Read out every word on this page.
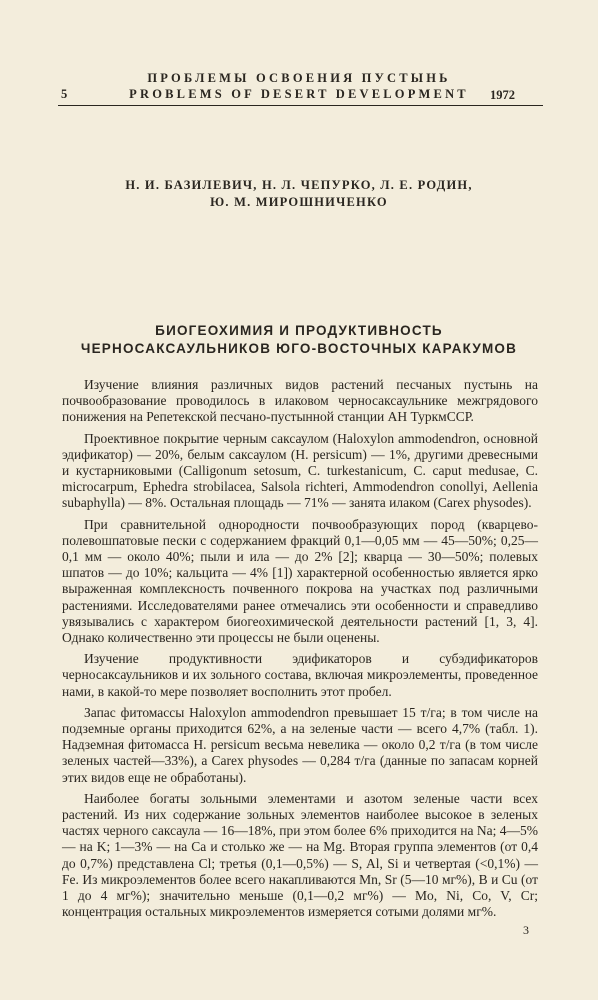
ПРОБЛЕМЫ ОСВОЕНИЯ ПУСТЫНЬ
5	PROBLEMS OF DESERT DEVELOPMENT	1972
Н. И. БАЗИЛЕВИЧ, Н. Л. ЧЕПУРКО, Л. Е. РОДИН,
Ю. М. МИРОШНИЧЕНКО
БИОГЕОХИМИЯ И ПРОДУКТИВНОСТЬ
ЧЕРНОСАКСАУЛЬНИКОВ ЮГО-ВОСТОЧНЫХ КАРАКУМОВ

Изучение влияния различных видов растений песчаных пустынь на почвообразование проводилось в илаковом черносаксаульнике межгрядового понижения на Репетекской песчано-пустынной станции АН ТуркмССР.

Проективное покрытие черным саксаулом (Haloxylon ammodendron, основной эдификатор) — 20%, белым саксаулом (H. persicum) — 1%, другими древесными и кустарниковыми (Calligonum setosum, C. turkestanicum, C. caput medusae, C. microcarpum, Ephedra strobilacea, Salsola richteri, Ammodendron conollyi, Aellenia subaphylla) — 8%. Остальная площадь — 71% — занята илаком (Carex physodes).

При сравнительной однородности почвообразующих пород (кварцево-полевошпатовые пески с содержанием фракций 0,1—0,05 мм — 45—50%; 0,25—0,1 мм — около 40%; пыли и ила — до 2% [2]; кварца — 30—50%; полевых шпатов — до 10%; кальцита — 4% [1]) характерной особенностью является ярко выраженная комплексность почвенного покрова на участках под различными растениями. Исследователями ранее отмечались эти особенности и справедливо увязывались с характером биогеохимической деятельности растений [1, 3, 4]. Однако количественно эти процессы не были оценены.

Изучение продуктивности эдификаторов и субэдификаторов черносаксаульников и их зольного состава, включая микроэлементы, проведенное нами, в какой-то мере позволяет восполнить этот пробел.

Запас фитомассы Haloxylon ammodendron превышает 15 т/га; в том числе на подземные органы приходится 62%, а на зеленые части — всего 4,7% (табл. 1). Надземная фитомасса H. persicum весьма невелика — около 0,2 т/га (в том числе зеленых частей—33%), а Carex physodes — 0,284 т/га (данные по запасам корней этих видов еще не обработаны).

Наиболее богаты зольными элементами и азотом зеленые части всех растений. Из них содержание зольных элементов наиболее высокое в зеленых частях черного саксаула — 16—18%, при этом более 6% приходится на Na; 4—5% — на K; 1—3% — на Ca и столько же — на Mg. Вторая группа элементов (от 0,4 до 0,7%) представлена Cl; третья (0,1—0,5%) — S, Al, Si и четвертая (<0,1%) — Fe. Из микроэлементов более всего накапливаются Mn, Sr (5—10 мг%), B и Cu (от 1 до 4 мг%); значительно меньше (0,1—0,2 мг%) — Mo, Ni, Co, V, Cr; концентрация остальных микроэлементов измеряется сотыми долями мг%.

3
